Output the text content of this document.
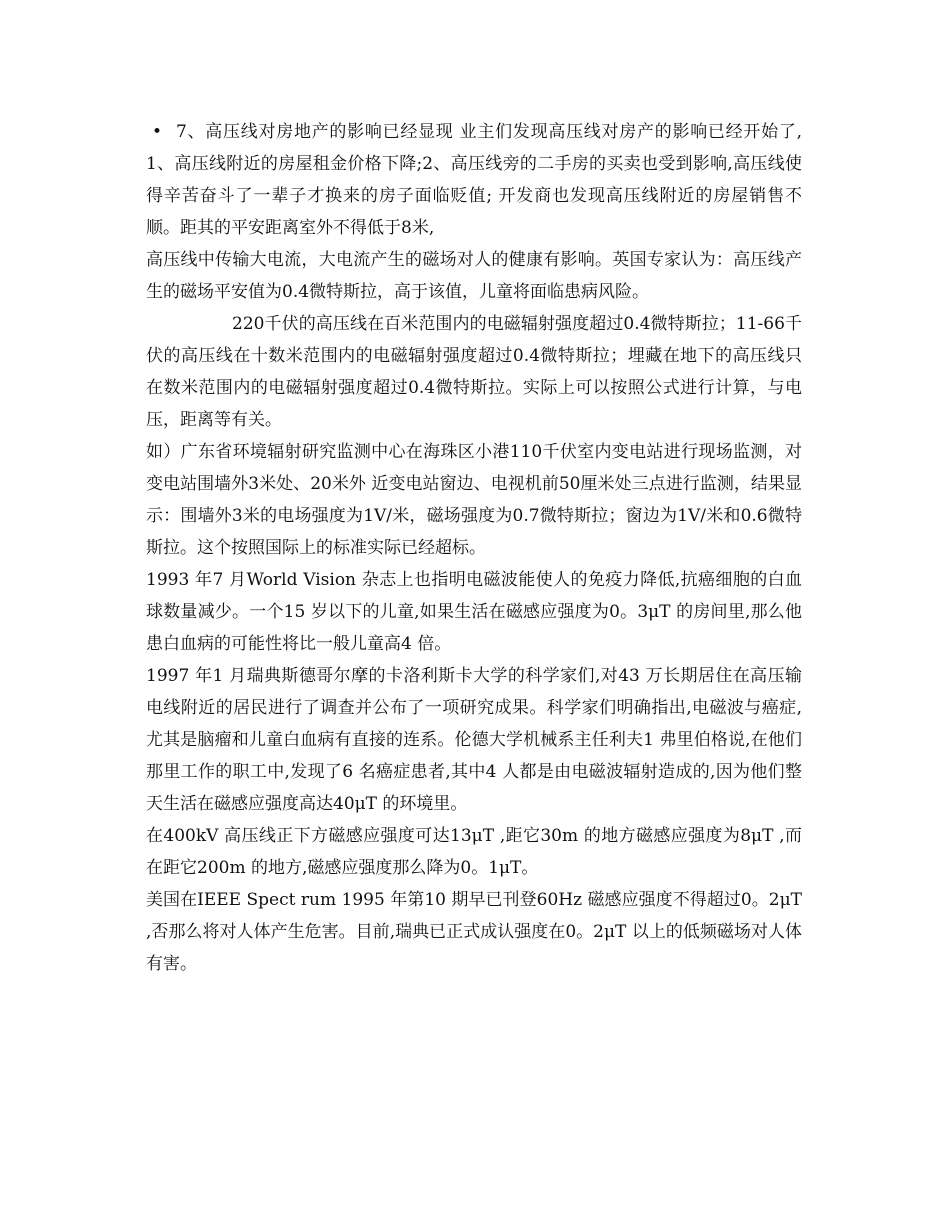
• 7、高压线对房地产的影响已经显现 业主们发现高压线对房产的影响已经开始了,1、高压线附近的房屋租金价格下降;2、高压线旁的二手房的买卖也受到影响,高压线使得辛苦奋斗了一辈子才换来的房子面临贬值; 开发商也发现高压线附近的房屋销售不顺。距其的平安距离室外不得低于8米,

高压线中传输大电流，大电流产生的磁场对人的健康有影响。英国专家认为：高压线产生的磁场平安值为0.4微特斯拉，高于该值，儿童将面临患病风险。

220千伏的高压线在百米范围内的电磁辐射强度超过0.4微特斯拉；11-66千伏的高压线在十数米范围内的电磁辐射强度超过0.4微特斯拉；埋藏在地下的高压线只在数米范围内的电磁辐射强度超过0.4微特斯拉。实际上可以按照公式进行计算，与电压，距离等有关。

如）广东省环境辐射研究监测中心在海珠区小港110千伏室内变电站进行现场监测，对变电站围墙外3米处、20米外 近变电站窗边、电视机前50厘米处三点进行监测，结果显示：围墙外3米的电场强度为1V/米，磁场强度为0.7微特斯拉；窗边为1V/米和0.6微特斯拉。这个按照国际上的标准实际已经超标。

1993 年7 月World Vision 杂志上也指明电磁波能使人的免疫力降低,抗癌细胞的白血球数量减少。一个15 岁以下的儿童,如果生活在磁感应强度为0。3μT 的房间里,那么他患白血病的可能性将比一般儿童高4 倍。

1997 年1 月瑞典斯德哥尔摩的卡洛利斯卡大学的科学家们,对43 万长期居住在高压输电线附近的居民进行了调查并公布了一项研究成果。科学家们明确指出,电磁波与癌症,尤其是脑瘤和儿童白血病有直接的连系。伦德大学机械系主任利夫1 弗里伯格说,在他们那里工作的职工中,发现了6 名癌症患者,其中4 人都是由电磁波辐射造成的,因为他们整天生活在磁感应强度高达40μT 的环境里。

在400kV 高压线正下方磁感应强度可达13μT ,距它30m 的地方磁感应强度为8μT ,而在距它200m 的地方,磁感应强度那么降为0。1μT。

美国在IEEE Spect rum 1995 年第10 期早已刊登60Hz 磁感应强度不得超过0。2μT ,否那么将对人体产生危害。目前,瑞典已正式成认强度在0。2μT 以上的低频磁场对人体有害。
